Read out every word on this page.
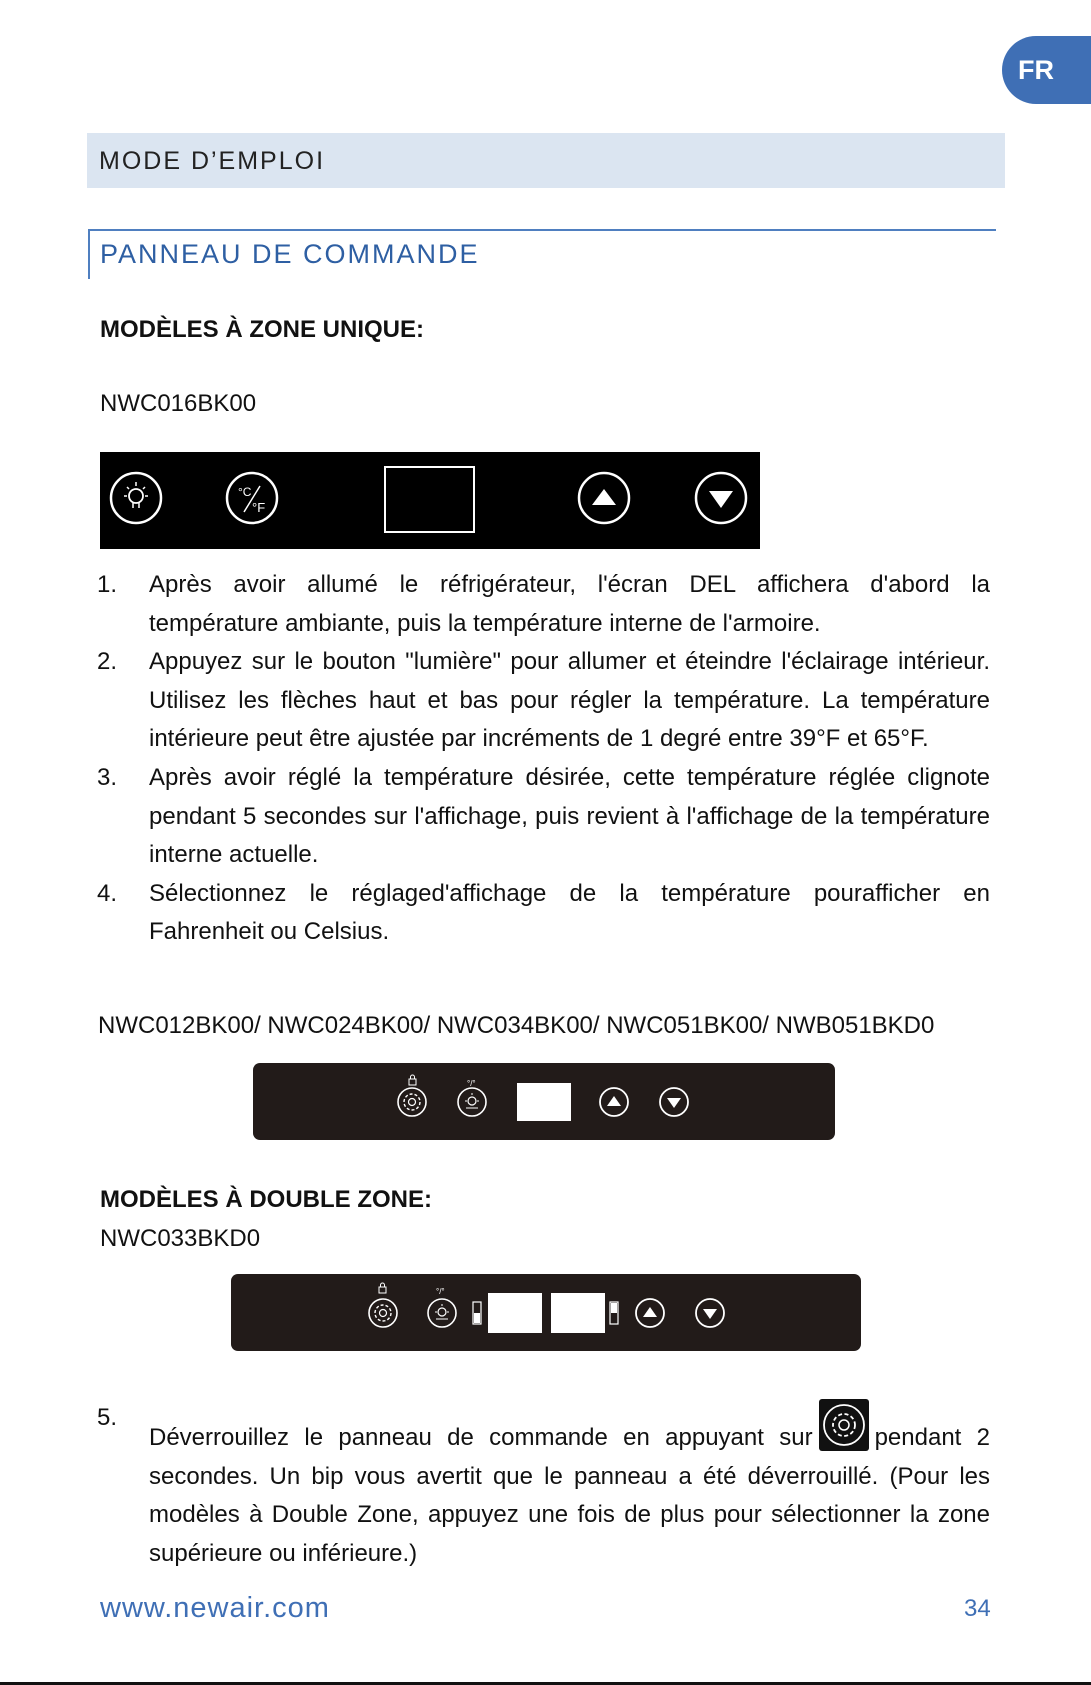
FR
MODE D’EMPLOI
PANNEAU DE COMMANDE
MODÈLES À ZONE UNIQUE:
NWC016BK00
°C
°F
1. Après avoir allumé le réfrigérateur, l'écran DEL affichera d'abord la température ambiante, puis la température interne de l'armoire.
2. Appuyez sur le bouton "lumière" pour allumer et éteindre l'éclairage intérieur. Utilisez les flèches haut et bas pour régler la température. La température intérieure peut être ajustée par incréments de 1 degré entre 39°F et 65°F.
3. Après avoir réglé la température désirée, cette température réglée clignote pendant 5 secondes sur l'affichage, puis revient à l'affichage de la température interne actuelle.
4. Sélectionnez le réglaged'affichage de la température pourafficher en Fahrenheit ou Celsius.
NWC012BK00/ NWC024BK00/ NWC034BK00/ NWC051BK00/ NWB051BKD0
°/°
MODÈLES À DOUBLE ZONE:
NWC033BKD0
°/°
5.
Déverrouillez le panneau de commande en appuyant sur	pendant 2 secondes. Un bip vous avertit que le panneau a été déverrouillé. (Pour les modèles à Double Zone, appuyez une fois de plus pour sélectionner la zone supérieure ou inférieure.)
www.newair.com	34
